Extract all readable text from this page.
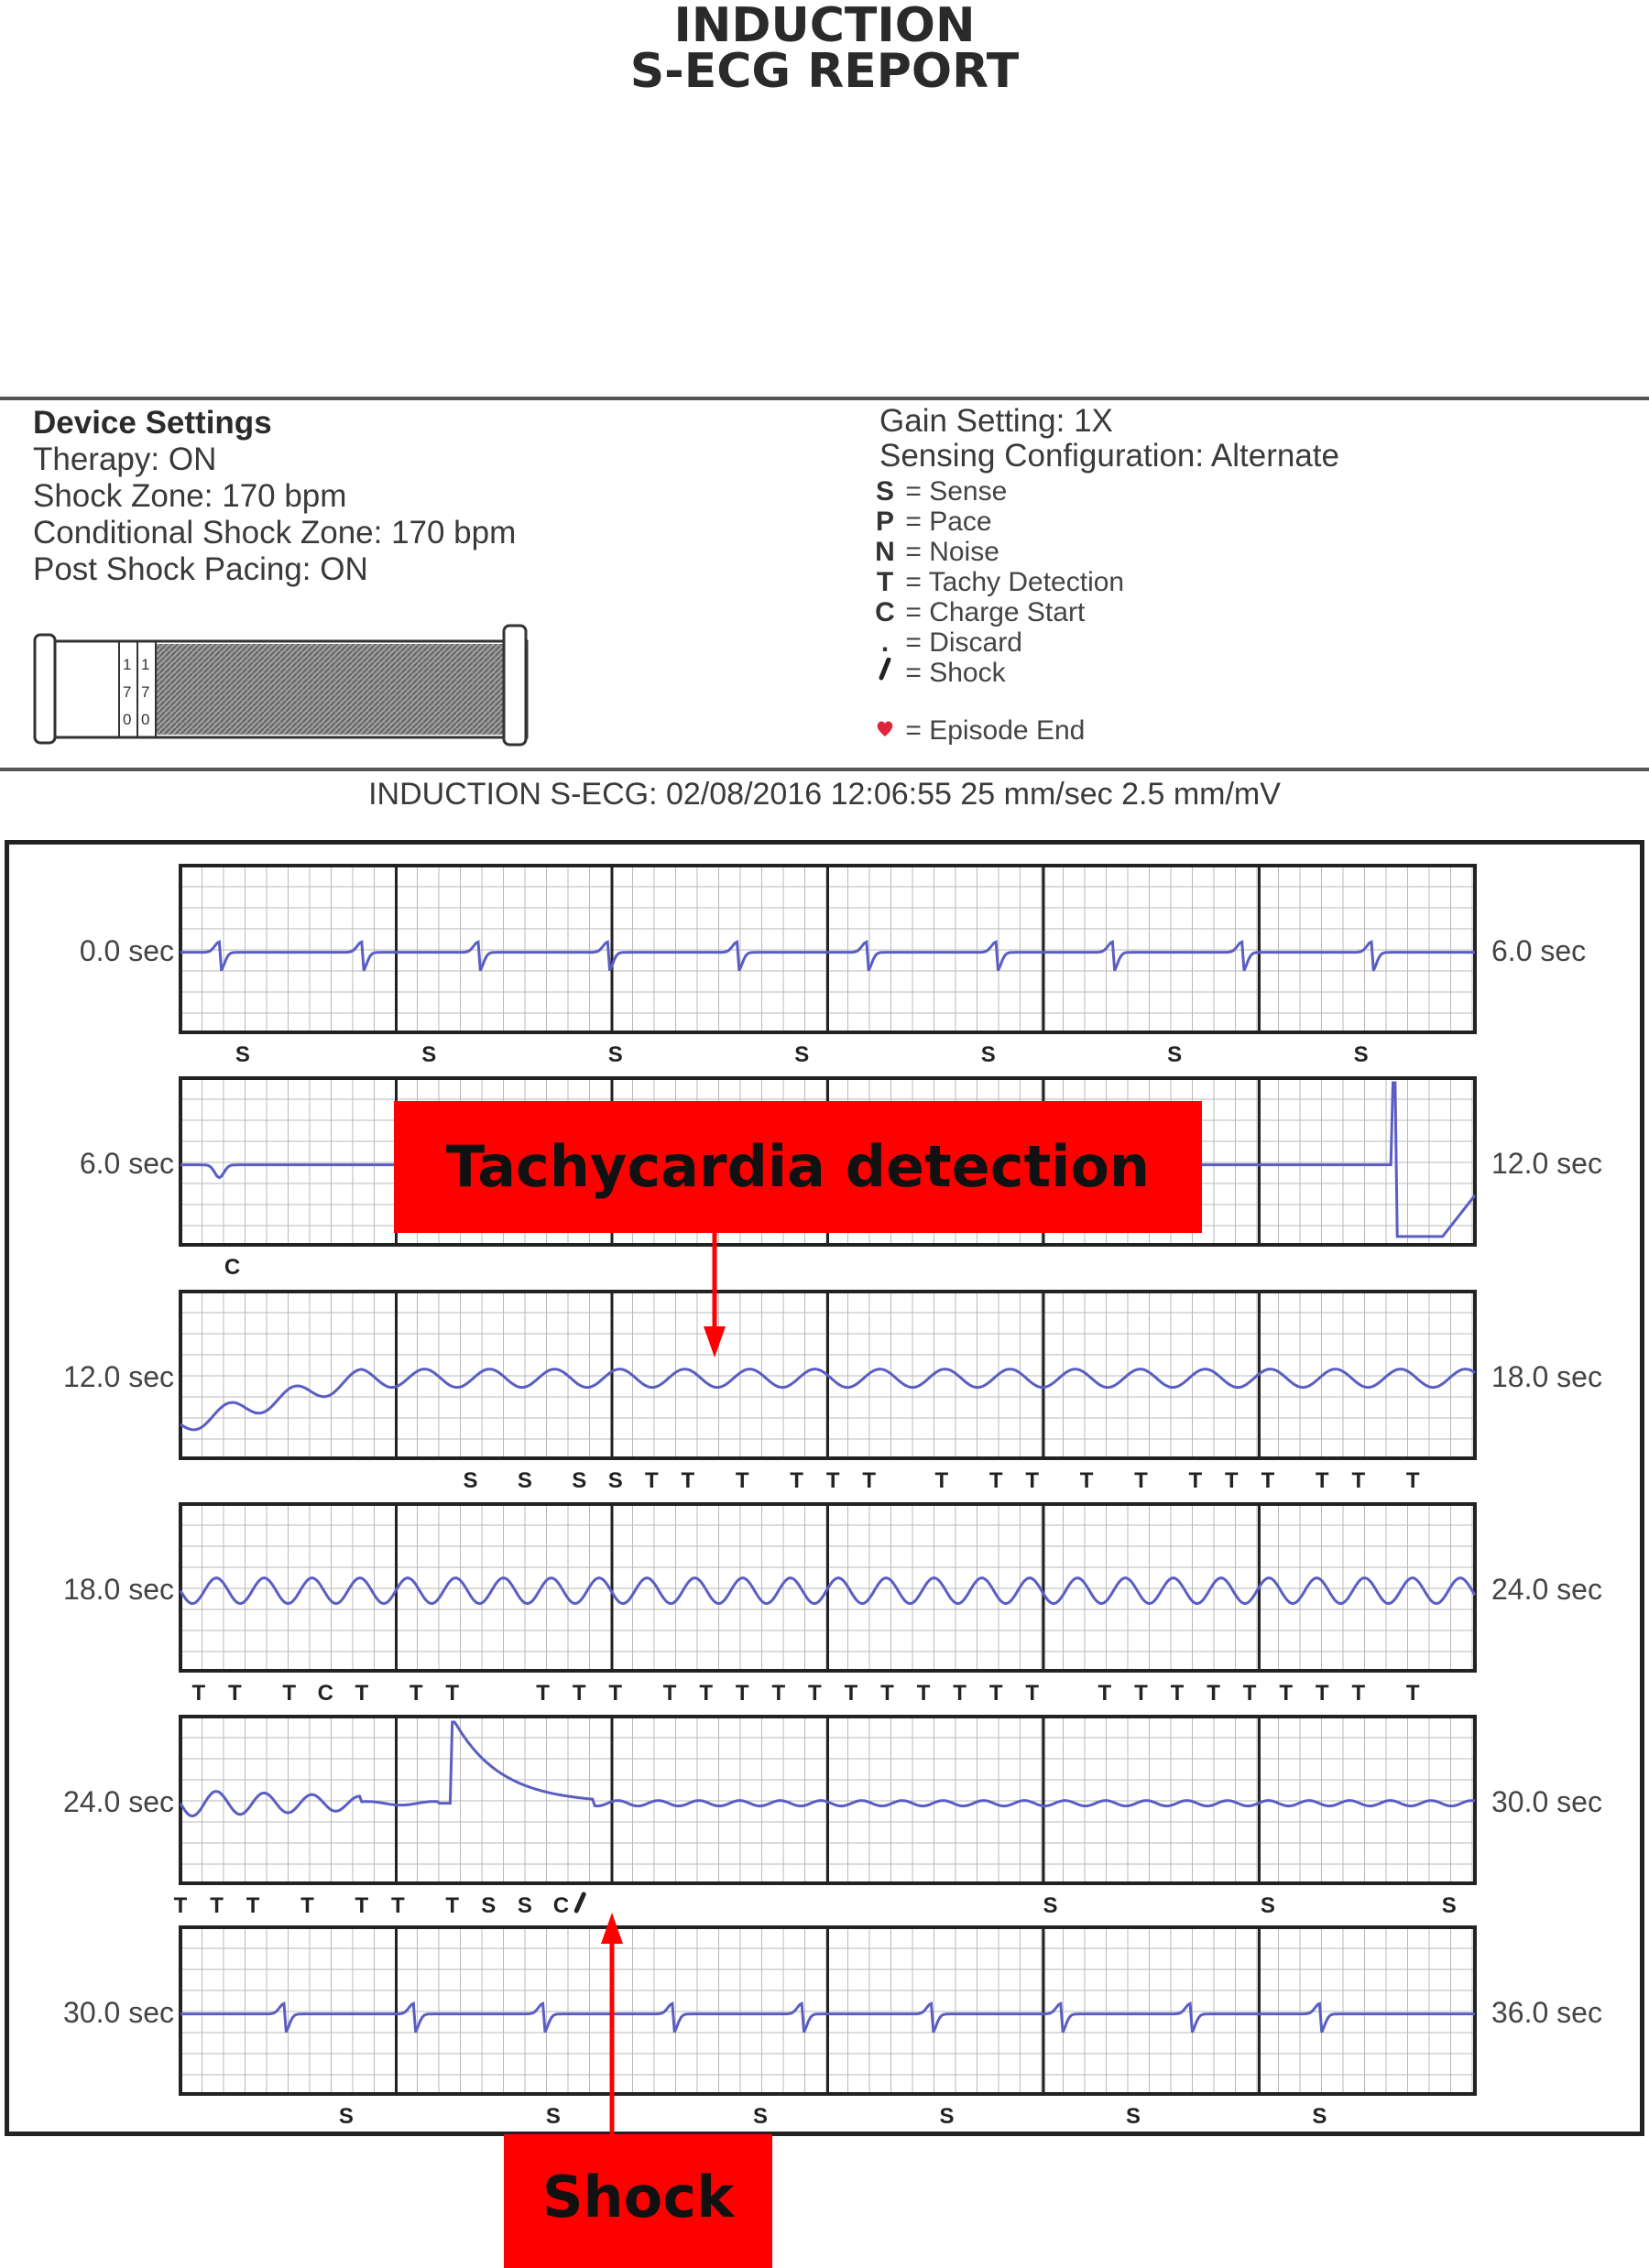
INDUCTION
S-ECG REPORT
Device Settings
Therapy: ON
Shock Zone: 170 bpm
Conditional Shock Zone: 170 bpm
Post Shock Pacing: ON
1
7
0
1
7
0
Gain Setting: 1X
Sensing Configuration: Alternate
S = Sense
P = Pace
N = Noise
T = Tachy Detection
C = Charge Start
. = Discard
= Shock
= Episode End
INDUCTION S-ECG: 02/08/2016 12:06:55 25 mm/sec 2.5 mm/mV
S	S	S	S	S	S	S
C
S S S S T T T T T T	T T T T T T T T T T T
T T T C T T T	T T T T T T T T T T T T T T	T T T T T T T T T
T T T T T T T S S C	S	S	S
S	S	S	S	S	S
0.0 sec	6.0 sec
6.0 sec	12.0 sec
12.0 sec	18.0 sec
18.0 sec	24.0 sec
24.0 sec	30.0 sec
30.0 sec	36.0 sec
Tachycardia detection
Shock
